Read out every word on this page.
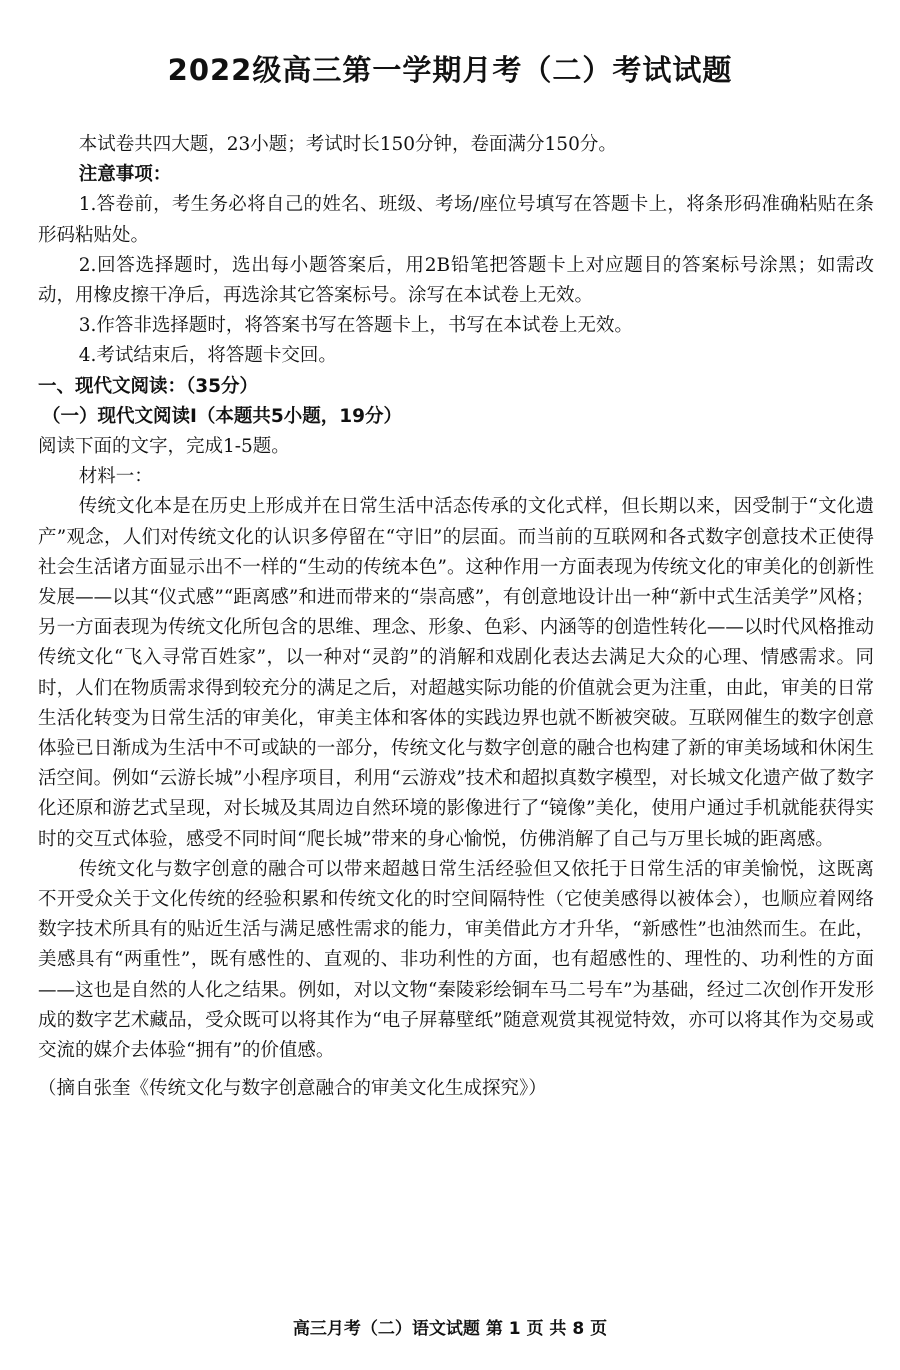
2022级高三第一学期月考（二）考试试题

本试卷共四大题，23小题；考试时长150分钟，卷面满分150分。

注意事项：

1.答卷前，考生务必将自己的姓名、班级、考场/座位号填写在答题卡上，将条形码准确粘贴在条形码粘贴处。

2.回答选择题时，选出每小题答案后，用2B铅笔把答题卡上对应题目的答案标号涂黑；如需改动，用橡皮擦干净后，再选涂其它答案标号。涂写在本试卷上无效。

3.作答非选择题时，将答案书写在答题卡上，书写在本试卷上无效。

4.考试结束后，将答题卡交回。

一、现代文阅读：（35分）

（一）现代文阅读Ⅰ（本题共5小题，19分）

阅读下面的文字，完成1-5题。

材料一：

传统文化本是在历史上形成并在日常生活中活态传承的文化式样，但长期以来，因受制于“文化遗产”观念，人们对传统文化的认识多停留在“守旧”的层面。而当前的互联网和各式数字创意技术正使得社会生活诸方面显示出不一样的“生动的传统本色”。这种作用一方面表现为传统文化的审美化的创新性发展——以其“仪式感”“距离感”和进而带来的“崇高感”，有创意地设计出一种“新中式生活美学”风格；另一方面表现为传统文化所包含的思维、理念、形象、色彩、内涵等的创造性转化——以时代风格推动传统文化“飞入寻常百姓家”，以一种对“灵韵”的消解和戏剧化表达去满足大众的心理、情感需求。同时，人们在物质需求得到较充分的满足之后，对超越实际功能的价值就会更为注重，由此，审美的日常生活化转变为日常生活的审美化，审美主体和客体的实践边界也就不断被突破。互联网催生的数字创意体验已日渐成为生活中不可或缺的一部分，传统文化与数字创意的融合也构建了新的审美场域和休闲生活空间。例如“云游长城”小程序项目，利用“云游戏”技术和超拟真数字模型，对长城文化遗产做了数字化还原和游艺式呈现，对长城及其周边自然环境的影像进行了“镜像”美化，使用户通过手机就能获得实时的交互式体验，感受不同时间“爬长城”带来的身心愉悦，仿佛消解了自己与万里长城的距离感。

传统文化与数字创意的融合可以带来超越日常生活经验但又依托于日常生活的审美愉悦，这既离不开受众关于文化传统的经验积累和传统文化的时空间隔特性（它使美感得以被体会），也顺应着网络数字技术所具有的贴近生活与满足感性需求的能力，审美借此方才升华，“新感性”也油然而生。在此，美感具有“两重性”，既有感性的、直观的、非功利性的方面，也有超感性的、理性的、功利性的方面——这也是自然的人化之结果。例如，对以文物“秦陵彩绘铜车马二号车”为基础，经过二次创作开发形成的数字艺术藏品，受众既可以将其作为“电子屏幕壁纸”随意观赏其视觉特效，亦可以将其作为交易或交流的媒介去体验“拥有”的价值感。

（摘自张奎《传统文化与数字创意融合的审美文化生成探究》）

高三月考（二）语文试题 第 1 页 共 8 页
